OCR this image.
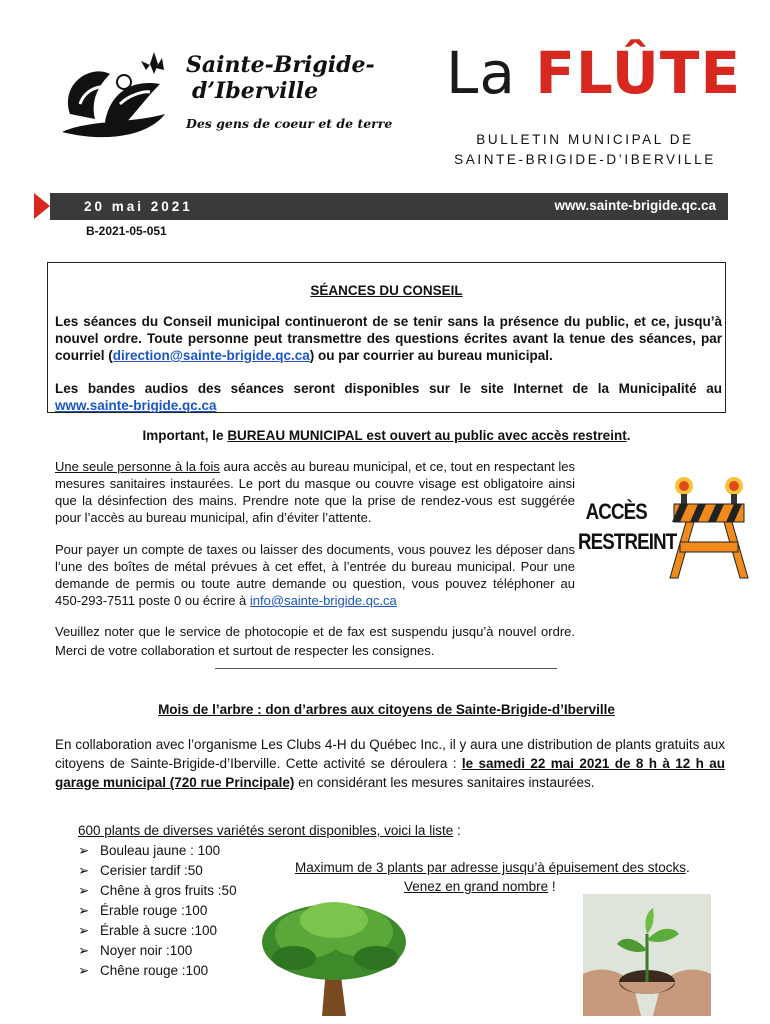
Sainte-Brigide-
d’Iberville
Des gens de coeur et de terre
La FLÛTE
BULLETIN MUNICIPAL DE
SAINTE-BRIGIDE-D’IBERVILLE
20 mai 2021	www.sainte-brigide.qc.ca
B-2021-05-051
SÉANCES DU CONSEIL
Les séances du Conseil municipal continueront de se tenir sans la présence du public, et ce, jusqu’à nouvel ordre. Toute personne peut transmettre des questions écrites avant la tenue des séances, par courriel (direction@sainte-brigide.qc.ca) ou par courrier au bureau municipal.
Les bandes audios des séances seront disponibles sur le site Internet de la Municipalité au www.sainte-brigide.qc.ca
Important, le BUREAU MUNICIPAL est ouvert au public avec accès restreint.
Une seule personne à la fois aura accès au bureau municipal, et ce, tout en respectant les mesures sanitaires instaurées. Le port du masque ou couvre visage est obligatoire ainsi que la désinfection des mains. Prendre note que la prise de rendez-vous est suggérée pour l’accès au bureau municipal, afin d’éviter l’attente.
Pour payer un compte de taxes ou laisser des documents, vous pouvez les déposer dans l’une des boîtes de métal prévues à cet effet, à l’entrée du bureau municipal. Pour une demande de permis ou toute autre demande ou question, vous pouvez téléphoner au 450-293-7511 poste 0 ou écrire à info@sainte-brigide.qc.ca
Veuillez noter que le service de photocopie et de fax est suspendu jusqu’à nouvel ordre. Merci de votre collaboration et surtout de respecter les consignes.
ACCÈS
RESTREINT
Mois de l’arbre : don d’arbres aux citoyens de Sainte-Brigide-d’Iberville
En collaboration avec l’organisme Les Clubs 4-H du Québec Inc., il y aura une distribution de plants gratuits aux citoyens de Sainte-Brigide-d’Iberville. Cette activité se déroulera : le samedi 22 mai 2021 de 8 h à 12 h au garage municipal (720 rue Principale) en considérant les mesures sanitaires instaurées.
600 plants de diverses variétés seront disponibles, voici la liste :
➢ Bouleau jaune : 100
➢ Cerisier tardif :50
➢ Chêne à gros fruits :50
➢ Érable rouge :100
➢ Érable à sucre :100
➢ Noyer noir :100
➢ Chêne rouge :100
Maximum de 3 plants par adresse jusqu’à épuisement des stocks.
Venez en grand nombre !
